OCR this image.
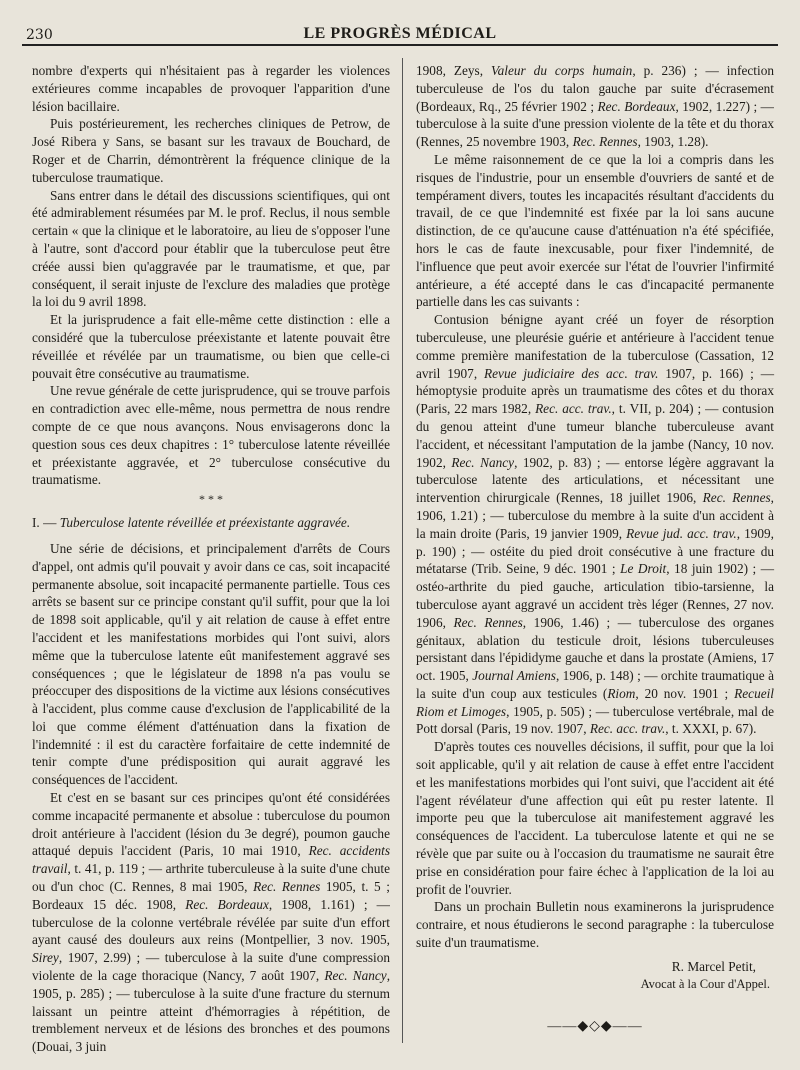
230	LE PROGRÈS MÉDICAL

nombre d'experts qui n'hésitaient pas à regarder les violences extérieures comme incapables de provoquer l'apparition d'une lésion bacillaire.

Puis postérieurement, les recherches cliniques de Petrow, de José Ribera y Sans, se basant sur les travaux de Bouchard, de Roger et de Charrin, démontrèrent la fréquence clinique de la tuberculose traumatique.

Sans entrer dans le détail des discussions scientifiques, qui ont été admirablement résumées par M. le prof. Reclus, il nous semble certain « que la clinique et le laboratoire, au lieu de s'opposer l'une à l'autre, sont d'accord pour établir que la tuberculose peut être créée aussi bien qu'aggravée par le traumatisme, et que, par conséquent, il serait injuste de l'exclure des maladies que protège la loi du 9 avril 1898.

Et la jurisprudence a fait elle-même cette distinction : elle a considéré que la tuberculose préexistante et latente pouvait être réveillée et révélée par un traumatisme, ou bien que celle-ci pouvait être consécutive au traumatisme.

Une revue générale de cette jurisprudence, qui se trouve parfois en contradiction avec elle-même, nous permettra de nous rendre compte de ce que nous avançons. Nous envisagerons donc la question sous ces deux chapitres : 1° tuberculose latente réveillée et préexistante aggravée, et 2° tuberculose consécutive du traumatisme.

* * *

I. — Tuberculose latente réveillée et préexistante aggravée.

Une série de décisions, et principalement d'arrêts de Cours d'appel, ont admis qu'il pouvait y avoir dans ce cas, soit incapacité permanente absolue, soit incapacité permanente partielle. Tous ces arrêts se basent sur ce principe constant qu'il suffit, pour que la loi de 1898 soit applicable, qu'il y ait relation de cause à effet entre l'accident et les manifestations morbides qui l'ont suivi, alors même que la tuberculose latente eût manifestement aggravé ses conséquences ; que le législateur de 1898 n'a pas voulu se préoccuper des dispositions de la victime aux lésions consécutives à l'accident, plus comme cause d'exclusion de l'applicabilité de la loi que comme élément d'atténuation dans la fixation de l'indemnité : il est du caractère forfaitaire de cette indemnité de tenir compte d'une prédisposition qui aurait aggravé les conséquences de l'accident.

Et c'est en se basant sur ces principes qu'ont été considérées comme incapacité permanente et absolue : tuberculose du poumon droit antérieure à l'accident (lésion du 3e degré), poumon gauche attaqué depuis l'accident (Paris, 10 mai 1910, Rec. accidents travail, t. 41, p. 119 ; — arthrite tuberculeuse à la suite d'une chute ou d'un choc (C. Rennes, 8 mai 1905, Rec. Rennes 1905, t. 5 ; Bordeaux 15 déc. 1908, Rec. Bordeaux, 1908, 1.161) ; — tuberculose de la colonne vertébrale révélée par suite d'un effort ayant causé des douleurs aux reins (Montpellier, 3 nov. 1905, Sirey, 1907, 2.99) ; — tuberculose à la suite d'une compression violente de la cage thoracique (Nancy, 7 août 1907, Rec. Nancy, 1905, p. 285) ; — tuberculose à la suite d'une fracture du sternum laissant un peintre atteint d'hémorragies à répétition, de tremblement nerveux et de lésions des bronches et des poumons (Douai, 3 juin

1908, Zeys, Valeur du corps humain, p. 236) ; — infection tuberculeuse de l'os du talon gauche par suite d'écrasement (Bordeaux, Rq., 25 février 1902 ; Rec. Bordeaux, 1902, 1.227) ; — tuberculose à la suite d'une pression violente de la tête et du thorax (Rennes, 25 novembre 1903, Rec. Rennes, 1903, 1.28).

Le même raisonnement de ce que la loi a compris dans les risques de l'industrie, pour un ensemble d'ouvriers de santé et de tempérament divers, toutes les incapacités résultant d'accidents du travail, de ce que l'indemnité est fixée par la loi sans aucune distinction, de ce qu'aucune cause d'atténuation n'a été spécifiée, hors le cas de faute inexcusable, pour fixer l'indemnité, de l'influence que peut avoir exercée sur l'état de l'ouvrier l'infirmité antérieure, a été accepté dans le cas d'incapacité permanente partielle dans les cas suivants :

Contusion bénigne ayant créé un foyer de résorption tuberculeuse, une pleurésie guérie et antérieure à l'accident tenue comme première manifestation de la tuberculose (Cassation, 12 avril 1907, Revue judiciaire des acc. trav. 1907, p. 166) ; — hémoptysie produite après un traumatisme des côtes et du thorax (Paris, 22 mars 1982, Rec. acc. trav., t. VII, p. 204) ; — contusion du genou atteint d'une tumeur blanche tuberculeuse avant l'accident, et nécessitant l'amputation de la jambe (Nancy, 10 nov. 1902, Rec. Nancy, 1902, p. 83) ; — entorse légère aggravant la tuberculose latente des articulations, et nécessitant une intervention chirurgicale (Rennes, 18 juillet 1906, Rec. Rennes, 1906, 1.21) ; — tuberculose du membre à la suite d'un accident à la main droite (Paris, 19 janvier 1909, Revue jud. acc. trav., 1909, p. 190) ; — ostéite du pied droit consécutive à une fracture du métatarse (Trib. Seine, 9 déc. 1901 ; Le Droit, 18 juin 1902) ; — ostéo-arthrite du pied gauche, articulation tibio-tarsienne, la tuberculose ayant aggravé un accident très léger (Rennes, 27 nov. 1906, Rec. Rennes, 1906, 1.46) ; — tuberculose des organes génitaux, ablation du testicule droit, lésions tuberculeuses persistant dans l'épididyme gauche et dans la prostate (Amiens, 17 oct. 1905, Journal Amiens, 1906, p. 148) ; — orchite traumatique à la suite d'un coup aux testicules (Riom, 20 nov. 1901 ; Recueil Riom et Limoges, 1905, p. 505) ; — tuberculose vertébrale, mal de Pott dorsal (Paris, 19 nov. 1907, Rec. acc. trav., t. XXXI, p. 67).

D'après toutes ces nouvelles décisions, il suffit, pour que la loi soit applicable, qu'il y ait relation de cause à effet entre l'accident et les manifestations morbides qui l'ont suivi, que l'accident ait été l'agent révélateur d'une affection qui eût pu rester latente. Il importe peu que la tuberculose ait manifestement aggravé les conséquences de l'accident. La tuberculose latente et qui ne se révèle que par suite ou à l'occasion du traumatisme ne saurait être prise en considération pour faire échec à l'application de la loi au profit de l'ouvrier.

Dans un prochain Bulletin nous examinerons la jurisprudence contraire, et nous étudierons le second paragraphe : la tuberculose suite d'un traumatisme.

R. Marcel Petit,
Avocat à la Cour d'Appel.
——◆◇◆——
